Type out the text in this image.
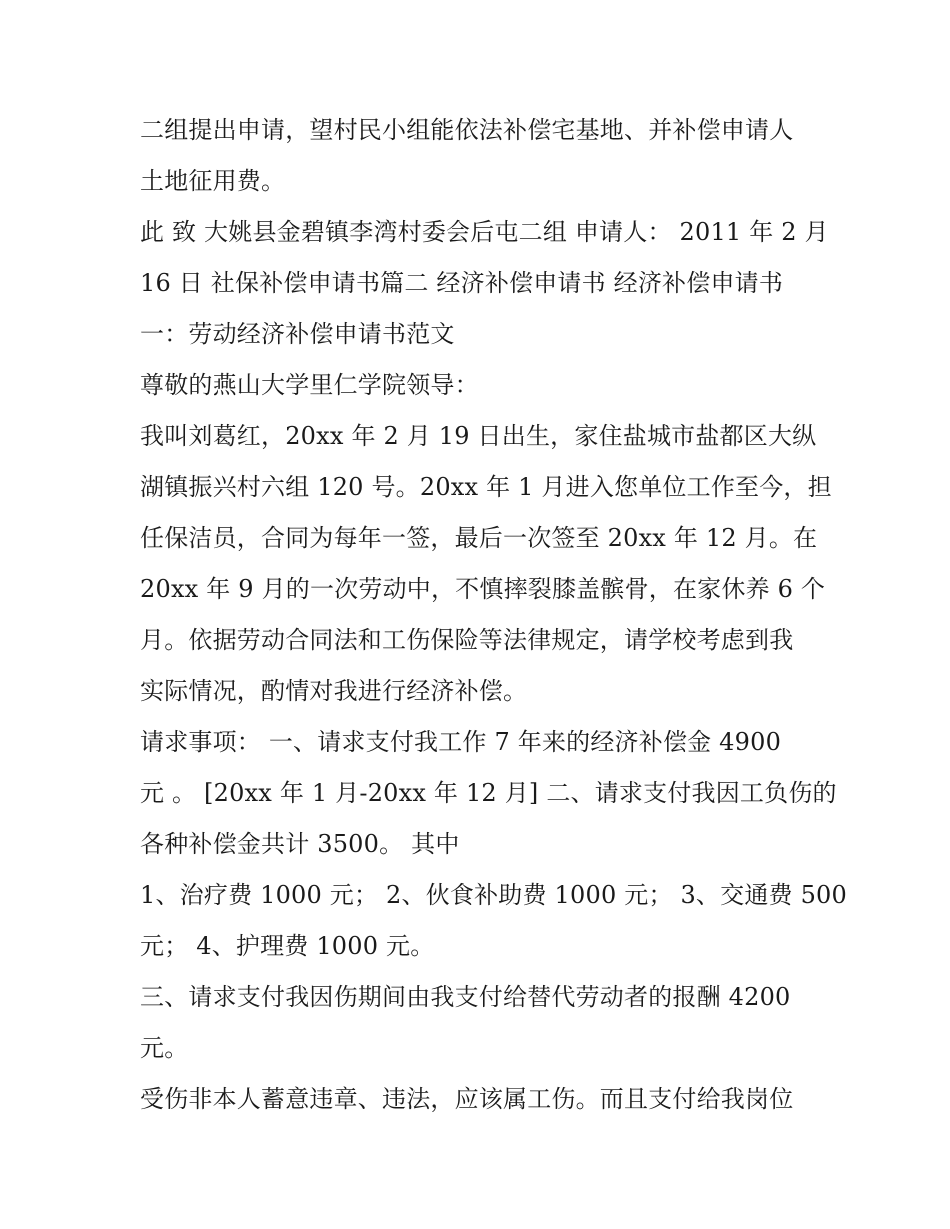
二组提出申请，望村民小组能依法补偿宅基地、并补偿申请人
土地征用费。
此 致 大姚县金碧镇李湾村委会后屯二组 申请人： 2011 年 2 月
16 日 社保补偿申请书篇二 经济补偿申请书 经济补偿申请书
一：劳动经济补偿申请书范文
尊敬的燕山大学里仁学院领导：
我叫刘葛红，20xx 年 2 月 19 日出生，家住盐城市盐都区大纵
湖镇振兴村六组 120 号。20xx 年 1 月进入您单位工作至今，担
任保洁员，合同为每年一签，最后一次签至 20xx 年 12 月。在
20xx 年 9 月的一次劳动中，不慎摔裂膝盖髌骨，在家休养 6 个
月。依据劳动合同法和工伤保险等法律规定，请学校考虑到我
实际情况，酌情对我进行经济补偿。
请求事项： 一、请求支付我工作 7 年来的经济补偿金 4900
元 。 [20xx 年 1 月-20xx 年 12 月] 二、请求支付我因工负伤的
各种补偿金共计 3500。 其中
1、治疗费 1000 元； 2、伙食补助费 1000 元； 3、交通费 500
元； 4、护理费 1000 元。
三、请求支付我因伤期间由我支付给替代劳动者的报酬 4200
元。
受伤非本人蓄意违章、违法，应该属工伤。而且支付给我岗位
